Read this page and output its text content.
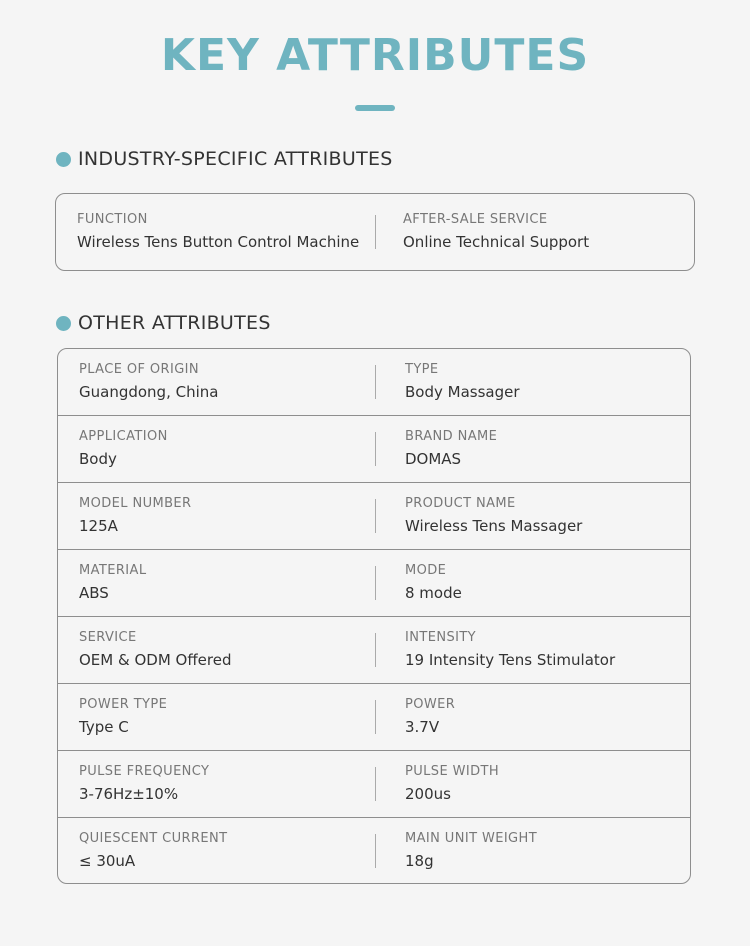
KEY ATTRIBUTES
INDUSTRY-SPECIFIC ATTRIBUTES
FUNCTION
Wireless Tens Button Control Machine
AFTER-SALE SERVICE
Online Technical Support
OTHER ATTRIBUTES
PLACE OF ORIGIN
Guangdong, China
TYPE
Body Massager
APPLICATION
Body
BRAND NAME
DOMAS
MODEL NUMBER
125A
PRODUCT NAME
Wireless Tens Massager
MATERIAL
ABS
MODE
8 mode
SERVICE
OEM & ODM Offered
INTENSITY
19 Intensity Tens Stimulator
POWER TYPE
Type C
POWER
3.7V
PULSE FREQUENCY
3-76Hz±10%
PULSE WIDTH
200us
QUIESCENT CURRENT
≤ 30uA
MAIN UNIT WEIGHT
18g
